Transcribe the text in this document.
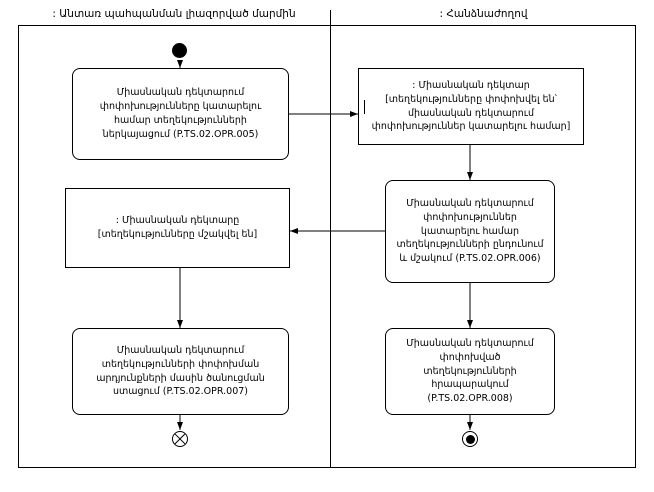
: Անտառ պահպանման լիազորված մարմին	: Հանձնաժողով
Միասնական դեկտարում փոփոխությունները կատարելու համար տեղեկությունների ներկայացում (P.TS.02.OPR.005)
: Միասնական դեկտար [տեղեկությունները փոփոխվել են՝ միասնական դեկտարում փոփոխություններ կատարելու համար]
Միասնական դեկտարում փոփոխություններ կատարելու համար տեղեկությունների ընդունում և մշակում (P.TS.02.OPR.006)
: Միասնական դեկտարը [տեղեկությունները մշակվել են]
Միասնական դեկտարում տեղեկությունների փոփոխման արդյունքների մասին ծանուցման ստացում (P.TS.02.OPR.007)
Միասնական դեկտարում փոփոխված տեղեկությունների հրապարակում (P.TS.02.OPR.008)
